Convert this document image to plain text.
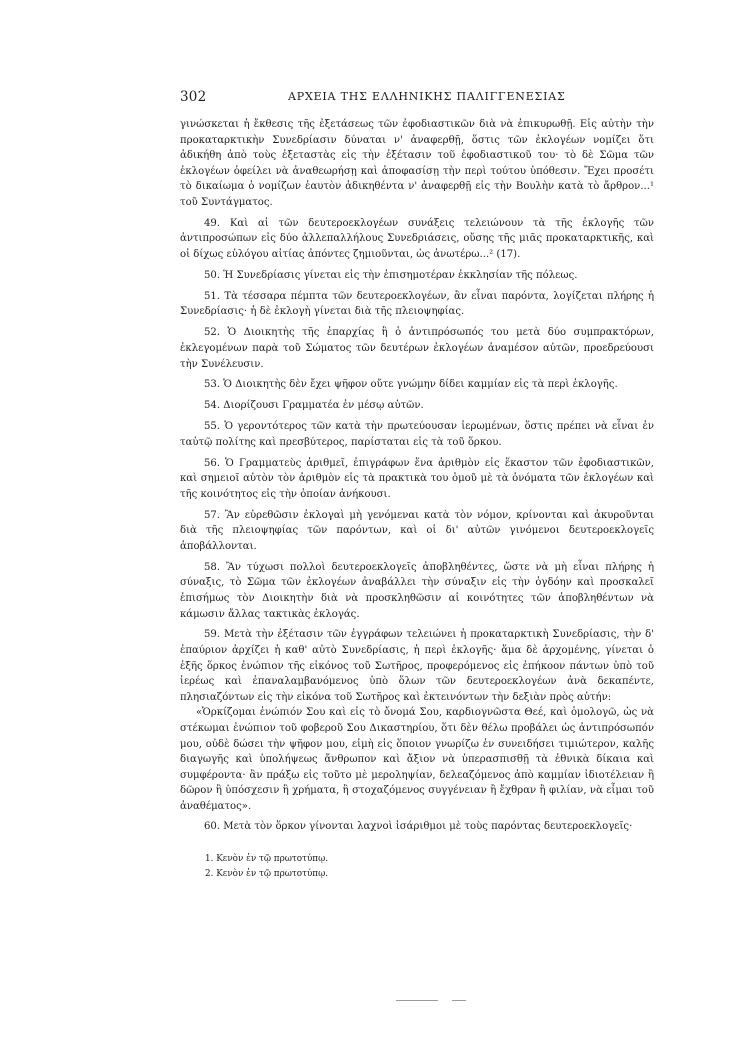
302	ΑΡΧΕΙΑ ΤΗΣ ΕΛΛΗΝΙΚΗΣ ΠΑΛΙΓΓΕΝΕΣΙΑΣ

γινώσκεται ἡ ἔκθεσις τῆς ἐξετάσεως τῶν ἐφοδιαστικῶν διὰ νὰ ἐπικυρωθῇ. Εἰς αὐτὴν τὴν προκαταρκτικὴν Συνεδρίασιν δύναται ν' ἀναφερθῇ, ὅστις τῶν ἐκλογέων νομίζει ὅτι ἀδικήθη ἀπὸ τοὺς ἐξεταστὰς εἰς τὴν ἐξέτασιν τοῦ ἐφοδιαστικοῦ του· τὸ δὲ Σῶμα τῶν ἐκλογέων ὀφείλει νὰ ἀναθεωρήσῃ καὶ ἀποφασίσῃ τὴν περὶ τούτου ὑπόθεσιν. Ἔχει προσέτι τὸ δικαίωμα ὁ νομίζων ἑαυτὸν ἀδικηθέντα ν' ἀναφερθῇ εἰς τὴν Βουλὴν κατὰ τὸ ἄρθρον...¹ τοῦ Συντάγματος.

49. Καὶ αἱ τῶν δευτεροεκλογέων συνάξεις τελειώνουν τὰ τῆς ἐκλογῆς τῶν ἀντιπροσώπων εἰς δύο ἀλλεπαλλήλους Συνεδριάσεις, οὔσης τῆς μιᾶς προκαταρκτικῆς, καὶ οἱ δίχως εὐλόγου αἰτίας ἀπόντες ζημιοῦνται, ὡς ἀνωτέρω...² (17).

50. Ἡ Συνεδρίασις γίνεται εἰς τὴν ἐπισημοτέραν ἐκκλησίαν τῆς πόλεως.

51. Τὰ τέσσαρα πέμπτα τῶν δευτεροεκλογέων, ἂν εἶναι παρόντα, λογίζεται πλήρης ἡ Συνεδρίασις· ἡ δὲ ἐκλογὴ γίνεται διὰ τῆς πλειοψηφίας.

52. Ὁ Διοικητὴς τῆς ἐπαρχίας ἢ ὁ ἀντιπρόσωπός του μετὰ δύο συμπρακτόρων, ἐκλεγομένων παρὰ τοῦ Σώματος τῶν δευτέρων ἐκλογέων ἀναμέσον αὐτῶν, προεδρεύουσι τὴν Συνέλευσιν.

53. Ὁ Διοικητὴς δὲν ἔχει ψῆφον οὔτε γνώμην δίδει καμμίαν εἰς τὰ περὶ ἐκλογῆς.

54. Διορίζουσι Γραμματέα ἐν μέσῳ αὐτῶν.

55. Ὁ γεροντότερος τῶν κατὰ τὴν πρωτεύουσαν ἱερωμένων, ὅστις πρέπει νὰ εἶναι ἐν ταὐτῷ πολίτης καὶ πρεσβύτερος, παρίσταται εἰς τὰ τοῦ ὅρκου.

56. Ὁ Γραμματεὺς ἀριθμεῖ, ἐπιγράφων ἕνα ἀριθμὸν εἰς ἕκαστον τῶν ἐφοδιαστικῶν, καὶ σημειοῖ αὐτὸν τὸν ἀριθμὸν εἰς τὰ πρακτικὰ του ὁμοῦ μὲ τὰ ὀνόματα τῶν ἐκλογέων καὶ τῆς κοινότητος εἰς τὴν ὁποίαν ἀνήκουσι.

57. Ἂν εὑρεθῶσιν ἐκλογαὶ μὴ γενόμεναι κατὰ τὸν νόμον, κρίνονται καὶ ἀκυροῦνται διὰ τῆς πλειοψηφίας τῶν παρόντων, καὶ οἱ δι' αὐτῶν γινόμενοι δευτεροεκλογεῖς ἀποβάλλονται.

58. Ἂν τύχωσι πολλοὶ δευτεροεκλογεῖς ἀποβληθέντες, ὥστε νὰ μὴ εἶναι πλήρης ἡ σύναξις, τὸ Σῶμα τῶν ἐκλογέων ἀναβάλλει τὴν σύναξιν εἰς τὴν ὀγδόην καὶ προσκαλεῖ ἐπισήμως τὸν Διοικητὴν διὰ νὰ προσκληθῶσιν αἱ κοινότητες τῶν ἀποβληθέντων νὰ κάμωσιν ἄλλας τακτικὰς ἐκλογάς.

59. Μετὰ τὴν ἐξέτασιν τῶν ἐγγράφων τελειώνει ἡ προκαταρκτικὴ Συνεδρίασις, τὴν δ' ἐπαύριον ἀρχίζει ἡ καθ' αὐτὸ Συνεδρίασις, ἡ περὶ ἐκλογῆς· ἅμα δὲ ἀρχομένης, γίνεται ὁ ἑξῆς ὅρκος ἐνώπιον τῆς εἰκόνος τοῦ Σωτῆρος, προφερόμενος εἰς ἐπήκοον πάντων ὑπὸ τοῦ ἱερέως καὶ ἐπαναλαμβανόμενος ὑπὸ ὅλων τῶν δευτεροεκλογέων ἀνὰ δεκαπέντε, πλησιαζόντων εἰς τὴν εἰκόνα τοῦ Σωτῆρος καὶ ἐκτεινόντων τὴν δεξιὰν πρὸς αὐτήν:

«Ὁρκίζομαι ἐνώπιόν Σου καὶ εἰς τὸ ὄνομά Σου, καρδιογνῶστα Θεέ, καὶ ὁμολογῶ, ὡς νὰ στέκωμαι ἐνώπιον τοῦ φοβεροῦ Σου Δικαστηρίου, ὅτι δὲν θέλω προβάλει ὡς ἀντιπρόσωπόν μου, οὐδὲ δώσει τὴν ψῆφον μου, εἰμὴ εἰς ὅποιον γνωρίζω ἐν συνειδήσει τιμιώτερον, καλῆς διαγωγῆς καὶ ὑπολήψεως ἄνθρωπον καὶ ἄξιον νὰ ὑπερασπισθῇ τὰ ἐθνικὰ δίκαια καὶ συμφέροντα· ἂν πράξω εἰς τοῦτο μὲ μεροληψίαν, δελεαζόμενος ἀπὸ καμμίαν ἰδιοτέλειαν ἢ δῶρον ἢ ὑπόσχεσιν ἢ χρήματα, ἢ στοχαζόμενος συγγένειαν ἢ ἔχθραν ἢ φιλίαν, νὰ εἶμαι τοῦ ἀναθέματος».

60. Μετὰ τὸν ὅρκον γίνονται λαχνοὶ ἰσάριθμοι μὲ τοὺς παρόντας δευτεροεκλογεῖς·

1. Κενὸν ἐν τῷ πρωτοτύπῳ.
2. Κενὸν ἐν τῷ πρωτοτύπῳ.
